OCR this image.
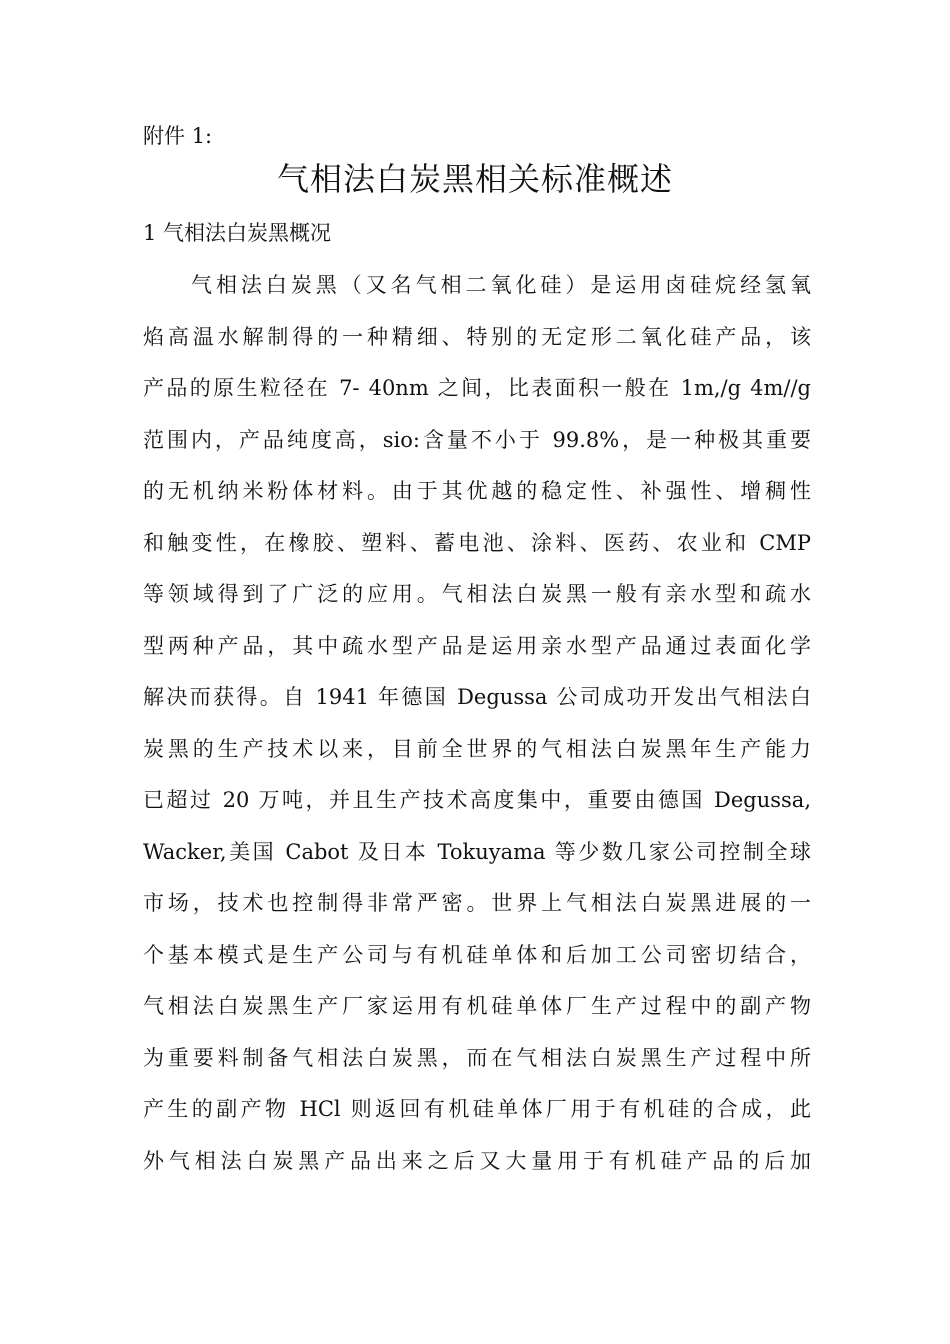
附件 1:
气相法白炭黑相关标准概述
1 气相法白炭黑概况
气相法白炭黑（又名气相二氧化硅）是运用卤硅烷经氢氧
焰高温水解制得的一种精细、特别的无定形二氧化硅产品，该
产品的原生粒径在 7- 40nm 之间，比表面积一般在 1m,/g 4m//g
范围内，产品纯度高，sio:含量不小于 99.8%，是一种极其重要
的无机纳米粉体材料。由于其优越的稳定性、补强性、增稠性
和触变性，在橡胶、塑料、蓄电池、涂料、医药、农业和 CMP
等领域得到了广泛的应用。气相法白炭黑一般有亲水型和疏水
型两种产品，其中疏水型产品是运用亲水型产品通过表面化学
解决而获得。自 1941 年德国 Degussa 公司成功开发出气相法白
炭黑的生产技术以来，目前全世界的气相法白炭黑年生产能力
已超过 20 万吨，并且生产技术高度集中，重要由德国 Degussa,
Wacker,美国 Cabot 及日本 Tokuyama 等少数几家公司控制全球
市场，技术也控制得非常严密。世界上气相法白炭黑进展的一
个基本模式是生产公司与有机硅单体和后加工公司密切结合，
气相法白炭黑生产厂家运用有机硅单体厂生产过程中的副产物
为重要料制备气相法白炭黑，而在气相法白炭黑生产过程中所
产生的副产物 HCl 则返回有机硅单体厂用于有机硅的合成，此
外气相法白炭黑产品出来之后又大量用于有机硅产品的后加
